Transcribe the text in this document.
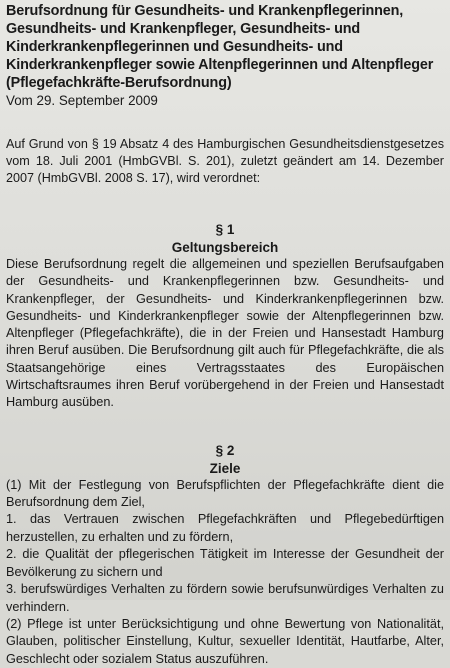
Berufsordnung für Gesundheits- und Krankenpflegerinnen, Gesundheits- und Krankenpfleger, Gesundheits- und Kinderkrankenpflegerinnen und Gesundheits- und Kinderkrankenpfleger sowie Altenpflegerinnen und Altenpfleger (Pflegefachkräfte-Berufsordnung)

Vom 29. September 2009

Auf Grund von § 19 Absatz 4 des Hamburgischen Gesundheitsdienstgesetzes vom 18. Juli 2001 (HmbGVBl. S. 201), zuletzt geändert am 14. Dezember 2007 (HmbGVBl. 2008 S. 17), wird verordnet:

§ 1
Geltungsbereich

Diese Berufsordnung regelt die allgemeinen und speziellen Berufsaufgaben der Gesundheits- und Krankenpflegerinnen bzw. Gesundheits- und Krankenpfleger, der Gesundheits- und Kinderkrankenpflegerinnen bzw. Gesundheits- und Kinderkrankenpfleger sowie der Altenpflegerinnen bzw. Altenpfleger (Pflegefachkräfte), die in der Freien und Hansestadt Hamburg ihren Beruf ausüben. Die Berufsordnung gilt auch für Pflegefachkräfte, die als Staatsangehörige eines Vertragsstaates des Europäischen Wirtschaftsraumes ihren Beruf vorübergehend in der Freien und Hansestadt Hamburg ausüben.

§ 2
Ziele
(1) Mit der Festlegung von Berufspflichten der Pflegefachkräfte dient die Berufsordnung dem Ziel,
1. das Vertrauen zwischen Pflegefachkräften und Pflegebedürftigen herzustellen, zu erhalten und zu fördern,
2. die Qualität der pflegerischen Tätigkeit im Interesse der Gesundheit der Bevölkerung zu sichern und
3. berufswürdiges Verhalten zu fördern sowie berufsunwürdiges Verhalten zu verhindern.
(2) Pflege ist unter Berücksichtigung und ohne Bewertung von Nationalität, Glauben, politischer Einstellung, Kultur, sexueller Identität, Hautfarbe, Alter, Geschlecht oder sozialem Status auszuführen.
